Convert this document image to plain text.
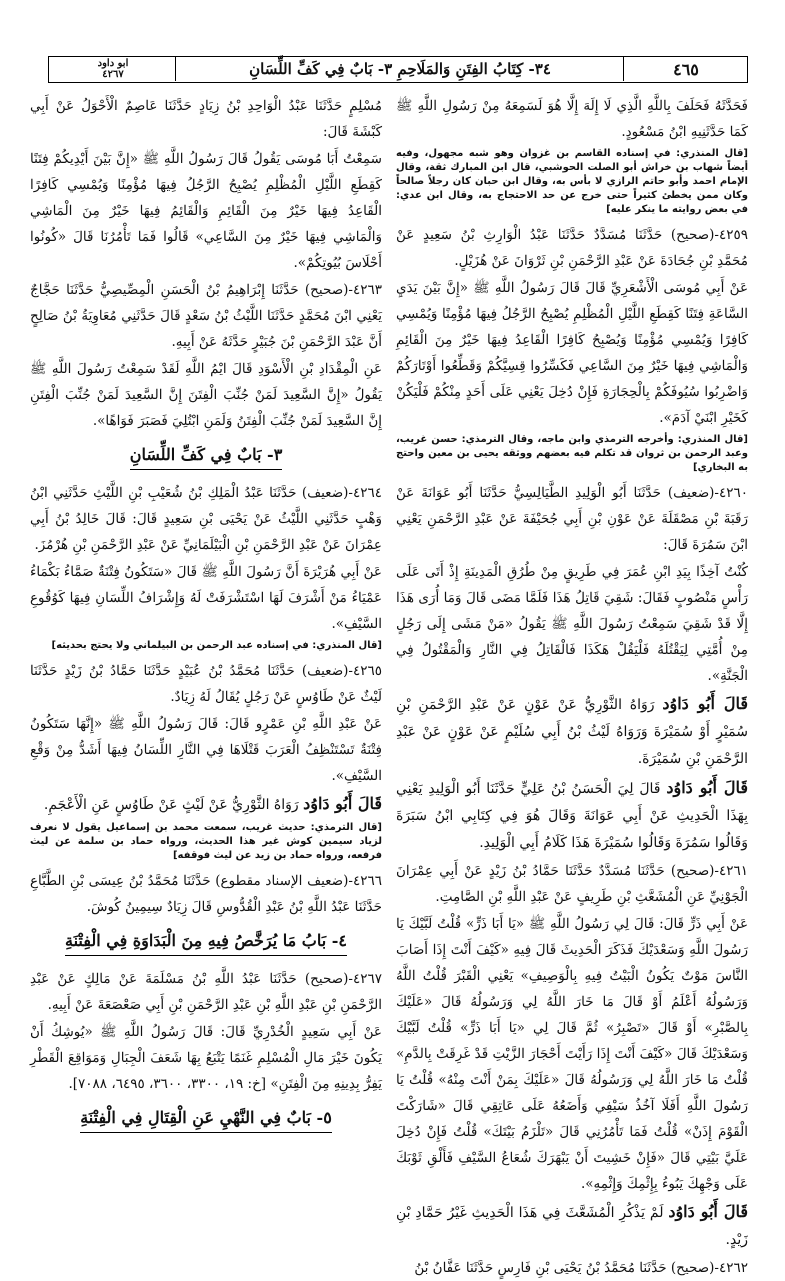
٤٦٥
٣٤- كِتَابُ الفِتَنِ وَالمَلَاحِمِ ٣- بَابٌ فِي كَفِّ اللِّسَانِ
ابو داود
٤٢٦٧
فَحَدَّثَهُ فَحَلَفَ بِاللَّهِ الَّذِي لَا إِلَهَ إِلَّا هُوَ لَسَمِعَهُ مِنْ رَسُولِ اللَّهِ ﷺ كَمَا حَدَّثَنِيهِ ابْنُ مَسْعُودٍ.
[قال المنذري: في إسناده القاسم بن غزوان وهو شبه مجهول، وفيه أيضاً شهاب بن خراش أبو الصلت الحوشبي، قال ابن المبارك ثقة، وقال الإمام احمد وأبو حاتم الرازي لا بأس به، وقال ابن حبان كان رجلاً صالحاً وكان ممن يخطئ كثيراً حتى خرج عن حد الاحتجاج به، وقال ابن عدي: في بعض روايته ما ينكر عليه]
٤٢٥٩-(صحيح) حَدَّثَنَا مُسَدَّدٌ حَدَّثَنَا عَبْدُ الْوَارِثِ بْنُ سَعِيدٍ عَنْ مُحَمَّدِ بْنِ جُحَادَةَ عَنْ عَبْدِ الرَّحْمَنِ بْنِ ثَرْوَانَ عَنْ هُزَيْلٍ.
عَنْ أَبِي مُوسَى الْأَشْعَرِيِّ قَالَ قَالَ رَسُولُ اللَّهِ ﷺ «إِنَّ بَيْنَ يَدَيِ السَّاعَةِ فِتَنًا كَقِطَعِ اللَّيْلِ الْمُظْلِمِ يُصْبِحُ الرَّجُلُ فِيهَا مُؤْمِنًا وَيُمْسِي كَافِرًا وَيُمْسِي مُؤْمِنًا وَيُصْبِحُ كَافِرًا الْقَاعِدُ فِيهَا خَيْرٌ مِنَ الْقَائِمِ وَالْمَاشِي فِيهَا خَيْرٌ مِنَ السَّاعِي فَكَسِّرُوا قِسِيَّكُمْ وَقَطِّعُوا أَوْتَارَكُمْ وَاضْرِبُوا سُيُوفَكُمْ بِالْحِجَارَةِ فَإِنْ دُخِلَ يَعْنِي عَلَى أَحَدٍ مِنْكُمْ فَلْيَكُنْ كَخَيْرِ ابْنَيْ آدَمَ».
[قال المنذري: وأخرجه الترمذي وابن ماجه، وقال الترمذي: حسن غريب، وعبد الرحمن بن ثروان قد تكلم فيه بعضهم ووثقه يحيى بن معين واحتج به البخاري]
٤٢٦٠-(ضعيف) حَدَّثَنَا أَبُو الْوَلِيدِ الطَّيَالِسِيُّ حَدَّثَنَا أَبُو عَوَانَةَ عَنْ رَقَبَةَ بْنِ مَصْقَلَةَ عَنْ عَوْنِ بْنِ أَبِي جُحَيْفَةَ عَنْ عَبْدِ الرَّحْمَنِ يَعْنِي ابْنَ سَمُرَةَ قَالَ:
كُنْتُ آخِذًا بِيَدِ ابْنِ عُمَرَ فِي طَرِيقٍ مِنْ طُرُقِ الْمَدِينَةِ إِذْ أَتَى عَلَى رَأْسٍ مَنْصُوبٍ فَقَالَ: شَقِيَ قَاتِلُ هَذَا فَلَمَّا مَضَى قَالَ وَمَا أُرَى هَذَا إِلَّا قَدْ شَقِيَ سَمِعْتُ رَسُولَ اللَّهِ ﷺ يَقُولُ «مَنْ مَشَى إِلَى رَجُلٍ مِنْ أُمَّتِي لِيَقْتُلَهُ فَلْيَقُلْ هَكَذَا فَالْقَاتِلُ فِي النَّارِ وَالْمَقْتُولُ فِي الْجَنَّةِ».
قَالَ أَبُو دَاوُد رَوَاهُ الثَّوْرِيُّ عَنْ عَوْنٍ عَنْ عَبْدِ الرَّحْمَنِ بْنِ سُمَيْرٍ أَوْ سُمَيْرَةَ وَرَوَاهُ لَيْثُ بْنُ أَبِي سُلَيْمٍ عَنْ عَوْنٍ عَنْ عَبْدِ الرَّحْمَنِ بْنِ سُمَيْرَةَ.
قَالَ أَبُو دَاوُد قَالَ لِيَ الْحَسَنُ بْنُ عَلِيٍّ حَدَّثَنَا أَبُو الْوَلِيدِ يَعْنِي بِهَذَا الْحَدِيثِ عَنْ أَبِي عَوَانَةَ وَقَالَ هُوَ فِي كِتَابِي ابْنُ سَبَرَةَ وَقَالُوا سَمُرَةَ وَقَالُوا سُمَيْرَةَ هَذَا كَلَامُ أَبِي الْوَلِيدِ.
٤٢٦١-(صحيح) حَدَّثَنَا مُسَدَّدٌ حَدَّثَنَا حَمَّادُ بْنُ زَيْدٍ عَنْ أَبِي عِمْرَانَ الْجَوْنِيِّ عَنِ الْمُشَعَّثِ بْنِ طَرِيفٍ عَنْ عَبْدِ اللَّهِ بْنِ الصَّامِتِ.
عَنْ أَبِي ذَرٍّ قَالَ: قَالَ لِي رَسُولُ اللَّهِ ﷺ «يَا أَبَا ذَرٍّ» قُلْتُ لَبَّيْكَ يَا رَسُولَ اللَّهِ وَسَعْدَيْكَ فَذَكَرَ الْحَدِيثَ قَالَ فِيهِ «كَيْفَ أَنْتَ إِذَا أَصَابَ النَّاسَ مَوْتٌ يَكُونُ الْبَيْتُ فِيهِ بِالْوَصِيفِ» يَعْنِي الْقَبْرَ قُلْتُ اللَّهُ وَرَسُولُهُ أَعْلَمُ أَوْ قَالَ مَا خَارَ اللَّهُ لِي وَرَسُولُهُ قَالَ «عَلَيْكَ بِالصَّبْرِ» أَوْ قَالَ «تَصْبِرُ» ثُمَّ قَالَ لِي «يَا أَبَا ذَرٍّ» قُلْتُ لَبَّيْكَ وَسَعْدَيْكَ قَالَ «كَيْفَ أَنْتَ إِذَا رَأَيْتَ أَحْجَارَ الزَّيْتِ قَدْ غَرِقَتْ بِالدَّمِ» قُلْتُ مَا خَارَ اللَّهُ لِي وَرَسُولُهُ قَالَ «عَلَيْكَ بِمَنْ أَنْتَ مِنْهُ» قُلْتُ يَا رَسُولَ اللَّهِ أَفَلَا آخُذُ سَيْفِي وَأَضَعُهُ عَلَى عَاتِقِي قَالَ «شَارَكْتَ الْقَوْمَ إِذَنْ» قُلْتُ فَمَا تَأْمُرُنِي قَالَ «تَلْزَمُ بَيْتَكَ» قُلْتُ فَإِنْ دُخِلَ عَلَيَّ بَيْتِي قَالَ «فَإِنْ خَشِيتَ أَنْ يَبْهَرَكَ شُعَاعُ السَّيْفِ فَأَلْقِ ثَوْبَكَ عَلَى وَجْهِكَ يَبُوءُ بِإِثْمِكَ وَإِثْمِهِ».
قَالَ أَبُو دَاوُد لَمْ يَذْكُرِ الْمُشَعَّثَ فِي هَذَا الْحَدِيثِ غَيْرُ حَمَّادِ بْنِ زَيْدٍ.
٤٢٦٢-(صحيح) حَدَّثَنَا مُحَمَّدُ بْنُ يَحْيَى بْنِ فَارِسٍ حَدَّثَنَا عَفَّانُ بْنُ
مُسْلِمٍ حَدَّثَنَا عَبْدُ الْوَاحِدِ بْنُ زِيَادٍ حَدَّثَنَا عَاصِمٌ الْأَحْوَلُ عَنْ أَبِي كَبْشَةَ قَالَ:
سَمِعْتُ أَبَا مُوسَى يَقُولُ قَالَ رَسُولُ اللَّهِ ﷺ «إِنَّ بَيْنَ أَيْدِيكُمْ فِتَنًا كَقِطَعِ اللَّيْلِ الْمُظْلِمِ يُصْبِحُ الرَّجُلُ فِيهَا مُؤْمِنًا وَيُمْسِي كَافِرًا الْقَاعِدُ فِيهَا خَيْرٌ مِنَ الْقَائِمِ وَالْقَائِمُ فِيهَا خَيْرٌ مِنَ الْمَاشِي وَالْمَاشِي فِيهَا خَيْرٌ مِنَ السَّاعِي» قَالُوا فَمَا تَأْمُرُنَا قَالَ «كُونُوا أَحْلَاسَ بُيُوتِكُمْ».
٤٢٦٣-(صحيح) حَدَّثَنَا إِبْرَاهِيمُ بْنُ الْحَسَنِ الْمِصِّيصِيُّ حَدَّثَنَا حَجَّاجٌ يَعْنِي ابْنَ مُحَمَّدٍ حَدَّثَنَا اللَّيْثُ بْنُ سَعْدٍ قَالَ حَدَّثَنِي مُعَاوِيَةُ بْنُ صَالِحٍ أَنَّ عَبْدَ الرَّحْمَنِ بْنَ جُبَيْرٍ حَدَّثَهُ عَنْ أَبِيهِ.
عَنِ الْمِقْدَادِ بْنِ الْأَسْوَدِ قَالَ ايْمُ اللَّهِ لَقَدْ سَمِعْتُ رَسُولَ اللَّهِ ﷺ يَقُولُ «إِنَّ السَّعِيدَ لَمَنْ جُنِّبَ الْفِتَنَ إِنَّ السَّعِيدَ لَمَنْ جُنِّبَ الْفِتَنِ إِنَّ السَّعِيدَ لَمَنْ جُنِّبَ الْفِتَنُ وَلَمَنِ ابْتُلِيَ فَصَبَرَ فَوَاهًا».
٣- بَابٌ فِي كَفِّ اللِّسَانِ
٤٢٦٤-(ضعيف) حَدَّثَنَا عَبْدُ الْمَلِكِ بْنُ شُعَيْبِ بْنِ اللَّيْثِ حَدَّثَنِي ابْنُ وَهْبٍ حَدَّثَنِي اللَّيْثُ عَنْ يَحْيَى بْنِ سَعِيدٍ قَالَ: قَالَ خَالِدُ بْنُ أَبِي عِمْرَانَ عَنْ عَبْدِ الرَّحْمَنِ بْنِ الْبَيْلَمَانِيِّ عَنْ عَبْدِ الرَّحْمَنِ بْنِ هُرْمُزَ.
عَنْ أَبِي هُرَيْرَةَ أَنَّ رَسُولَ اللَّهِ ﷺ قَالَ «سَتَكُونُ فِتْنَةٌ صَمَّاءُ بَكْمَاءُ عَمْيَاءُ مَنْ أَشْرَفَ لَهَا اسْتَشْرَفَتْ لَهُ وَإِشْرَافُ اللِّسَانِ فِيهَا كَوُقُوعِ السَّيْفِ».
[قال المنذري: في إسناده عبد الرحمن بن البيلماني ولا يحتج بحديثه]
٤٢٦٥-(ضعيف) حَدَّثَنَا مُحَمَّدُ بْنُ عُبَيْدٍ حَدَّثَنَا حَمَّادُ بْنُ زَيْدٍ حَدَّثَنَا لَيْثٌ عَنْ طَاوُسٍ عَنْ رَجُلٍ يُقَالُ لَهُ زِيَادٌ.
عَنْ عَبْدِ اللَّهِ بْنِ عَمْرٍو قَالَ: قَالَ رَسُولُ اللَّهِ ﷺ «إِنَّهَا سَتَكُونُ فِتْنَةٌ تَسْتَنْظِفُ الْعَرَبَ قَتْلَاهَا فِي النَّارِ اللِّسَانُ فِيهَا أَشَدُّ مِنْ وَقْعِ السَّيْفِ».
قَالَ أَبُو دَاوُد رَوَاهُ الثَّوْرِيُّ عَنْ لَيْثٍ عَنْ طَاوُسٍ عَنِ الْأَعْجَمِ.
[قال الترمذي: حديث غريب، سمعت محمد بن إسماعيل يقول لا نعرف لزياد سيمين كوش غير هذا الحديث، ورواه حماد بن سلمة عن ليث فرفعه، ورواه حماد بن زيد عن ليث فوقفه]
٤٢٦٦-(ضعيف الإسناد مقطوع) حَدَّثَنَا مُحَمَّدُ بْنُ عِيسَى بْنِ الطَّبَّاعِ حَدَّثَنَا عَبْدُ اللَّهِ بْنُ عَبْدِ الْقُدُّوسِ قَالَ زِيَادٌ سِيمِينُ كُوشَ.
٤- بَابُ مَا يُرَخَّصُ فِيهِ مِنَ الْبَدَاوَةِ فِي الْفِتْنَةِ
٤٢٦٧-(صحيح) حَدَّثَنَا عَبْدُ اللَّهِ بْنُ مَسْلَمَةَ عَنْ مَالِكٍ عَنْ عَبْدِ الرَّحْمَنِ بْنِ عَبْدِ اللَّهِ بْنِ عَبْدِ الرَّحْمَنِ بْنِ أَبِي صَعْصَعَةَ عَنْ أَبِيهِ.
عَنْ أَبِي سَعِيدٍ الْخُدْرِيِّ قَالَ: قَالَ رَسُولُ اللَّهِ ﷺ «يُوشِكُ أَنْ يَكُونَ خَيْرَ مَالِ الْمُسْلِمِ غَنَمًا يَتْبَعُ بِهَا شَعَفَ الْجِبَالِ وَمَوَاقِعَ الْقَطْرِ يَفِرُّ بِدِينِهِ مِنَ الْفِتَنِ» [خ: ١٩، ٣٣٠٠، ٣٦٠٠، ٦٤٩٥، ٧٠٨٨].
٥- بَابٌ فِي النَّهْيِ عَنِ الْقِتَالِ فِي الْفِتْنَةِ
